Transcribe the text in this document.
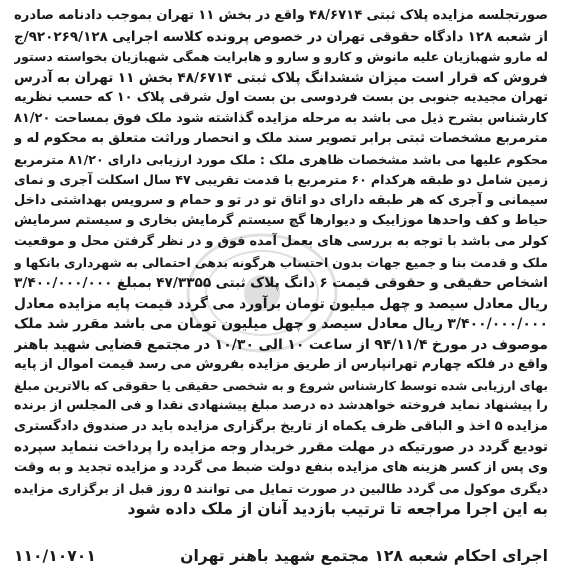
صورتجلسه مزایده پلاک ثبتی ۴۸/۶۷۱۴ واقع در بخش ۱۱ تهران بموجب دادنامه صادره
از شعبه ۱۲۸ دادگاه حقوقی تهران در خصوص پرونده کلاسه اجرایی ۹۲۰۲۶۹/۱۲۸/ج
له مارو شهبازیان علیه مانوش و کارو و سارو و هابرایت همگی شهبازیان بخواسته دستور
فروش که قرار است میزان ششدانگ پلاک ثبتی ۴۸/۶۷۱۴ بخش ۱۱ تهران به آدرس
تهران مجیدیه جنوبی بن بست فردوسی بن بست اول شرقی پلاک ۱۰ که حسب نظریه
کارشناس بشرح ذیل می باشد به مرحله مزایده گذاشته شود ملک فوق بمساحت ۸۱/۲۰
مترمربع مشخصات ثبتی برابر تصویر سند ملک و انحصار وراثت متعلق به محکوم له و
محکوم علیها می باشد مشخصات ظاهری ملک : ملک مورد ارزیابی دارای ۸۱/۲۰ مترمربع
زمین شامل دو طبقه هرکدام ۶۰ مترمربع با قدمت تقریبی ۴۷ سال اسکلت آجری و نمای
سیمانی و آجری که هر طبقه دارای دو اتاق تو در تو و حمام و سرویس بهداشتی داخل
حیاط و کف واحدها موزاییک و دیوارها گچ سیستم گرمایش بخاری و سیستم سرمایش
کولر می باشد با توجه به بررسی های بعمل آمده فوق و در نظر گرفتن محل و موقعیت
ملک و قدمت بنا و جمیع جهات بدون احتساب هرگونه بدهی احتمالی به شهرداری بانکها و
اشخاص حقیقی و حقوقی قیمت ۶ دانگ پلاک ثبتی ۴۷/۳۳۵۵ بمبلغ ۳/۴۰۰/۰۰۰/۰۰۰
ریال معادل سیصد و چهل میلیون تومان برآورد می گردد قیمت پایه مزایده معادل
۳/۴۰۰/۰۰۰/۰۰۰ ریال معادل سیصد و چهل میلیون تومان می باشد مقرر شد ملک
موصوف در مورخ ۹۴/۱۱/۴ از ساعت ۱۰ الی ۱۰/۳۰ در مجتمع قضایی شهید باهنر
واقع در فلکه چهارم تهرانپارس از طریق مزایده بفروش می رسد قیمت اموال از پایه
بهای ارزیابی شده توسط کارشناس شروع و به شخصی حقیقی یا حقوقی که بالاترین مبلغ
را پیشنهاد نماید فروخته خواهدشد ده درصد مبلغ پیشنهادی نقدا و فی المجلس از برنده
مزایده ۵ اخذ و الباقی ظرف یکماه از تاریخ برگزاری مزایده باید در صندوق دادگستری
تودیع گردد در صورتیکه در مهلت مقرر خریدار وجه مزایده را پرداخت ننماید سپرده
وی پس از کسر هزینه های مزایده بنفع دولت ضبط می گردد و مزایده تجدید و به وقت
دیگری موکول می گردد طالبین در صورت تمایل می توانند ۵ روز قبل از برگزاری مزایده
به این اجرا مراجعه تا ترتیب بازدید آنان از ملک داده شود
اجرای احکام شعبه ۱۲۸ مجتمع شهید باهنر تهران
۱۱۰/۱۰۷۰۱
